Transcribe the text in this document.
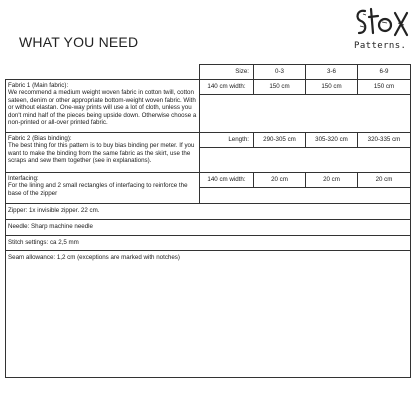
WHAT YOU NEED	Patterns.
	Size:	0-3	3-6	6-9

Fabric 1 (Main fabric):
We recommend a medium weight woven fabric in cotton twill, cotton sateen, denim or other appropriate bottom-weight woven fabric. With or without elastan. One-way prints will use a lot of cloth, unless you don't mind half of the pieces being upside down. Otherwise choose a non-printed or all-over printed fabric.	140 cm width:	150 cm	150 cm	150 cm

Fabric 2 (Bias binding):
The best thing for this pattern is to buy bias binding per meter. If you want to make the binding from the same fabric as the skirt, use the scraps and sew them together (see in explanations).	Length:	290-305 cm	305-320 cm	320-335 cm

Interfacing:
For the lining and 2 small rectangles of interfacing to reinforce the base of the zipper	140 cm width:	20 cm	20 cm	20 cm

Zipper: 1x invisible zipper. 22 cm.				
Needle: Sharp machine needle				
Stitch settings: ca 2,5 mm				
Seam allowance: 1,2 cm (exceptions are marked with notches)				
